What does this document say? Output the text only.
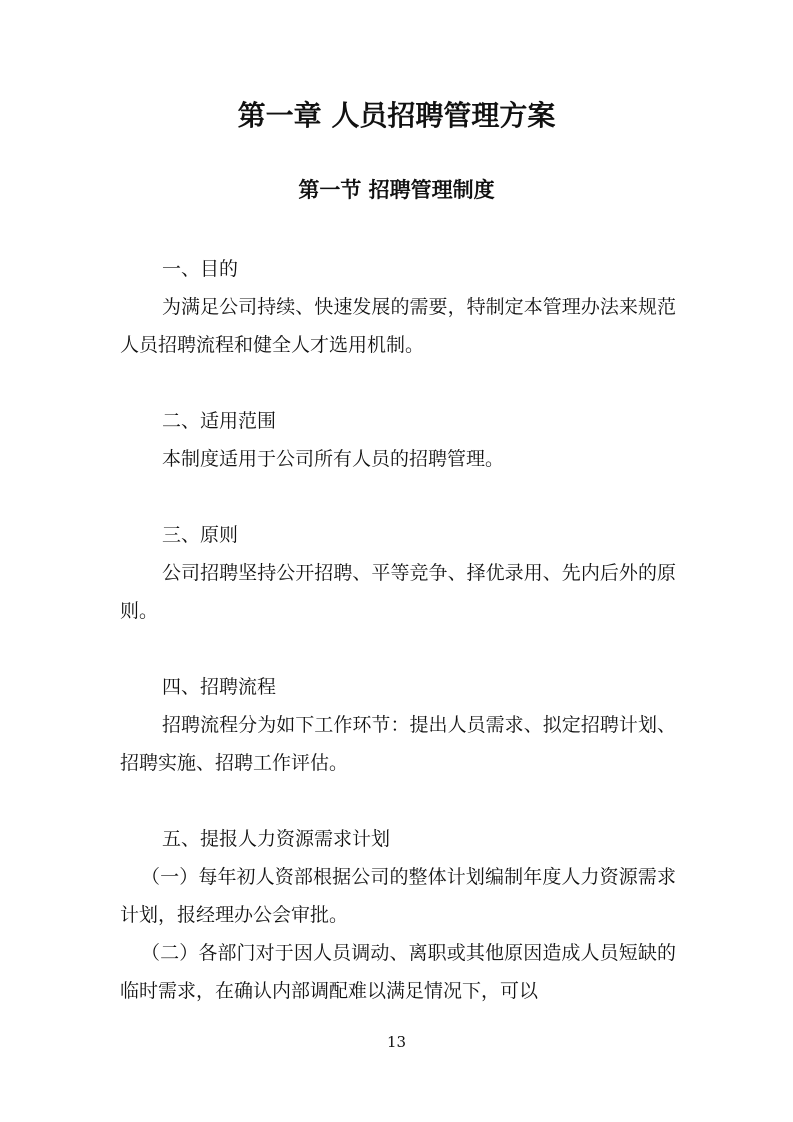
第一章 人员招聘管理方案
第一节 招聘管理制度

一、目的

为满足公司持续、快速发展的需要，特制定本管理办法来规范人员招聘流程和健全人才选用机制。

二、适用范围

本制度适用于公司所有人员的招聘管理。

三、原则

公司招聘坚持公开招聘、平等竞争、择优录用、先内后外的原则。

四、招聘流程

招聘流程分为如下工作环节：提出人员需求、拟定招聘计划、招聘实施、招聘工作评估。

五、提报人力资源需求计划

（一）每年初人资部根据公司的整体计划编制年度人力资源需求计划，报经理办公会审批。

（二）各部门对于因人员调动、离职或其他原因造成人员短缺的临时需求，在确认内部调配难以满足情况下，可以

13
